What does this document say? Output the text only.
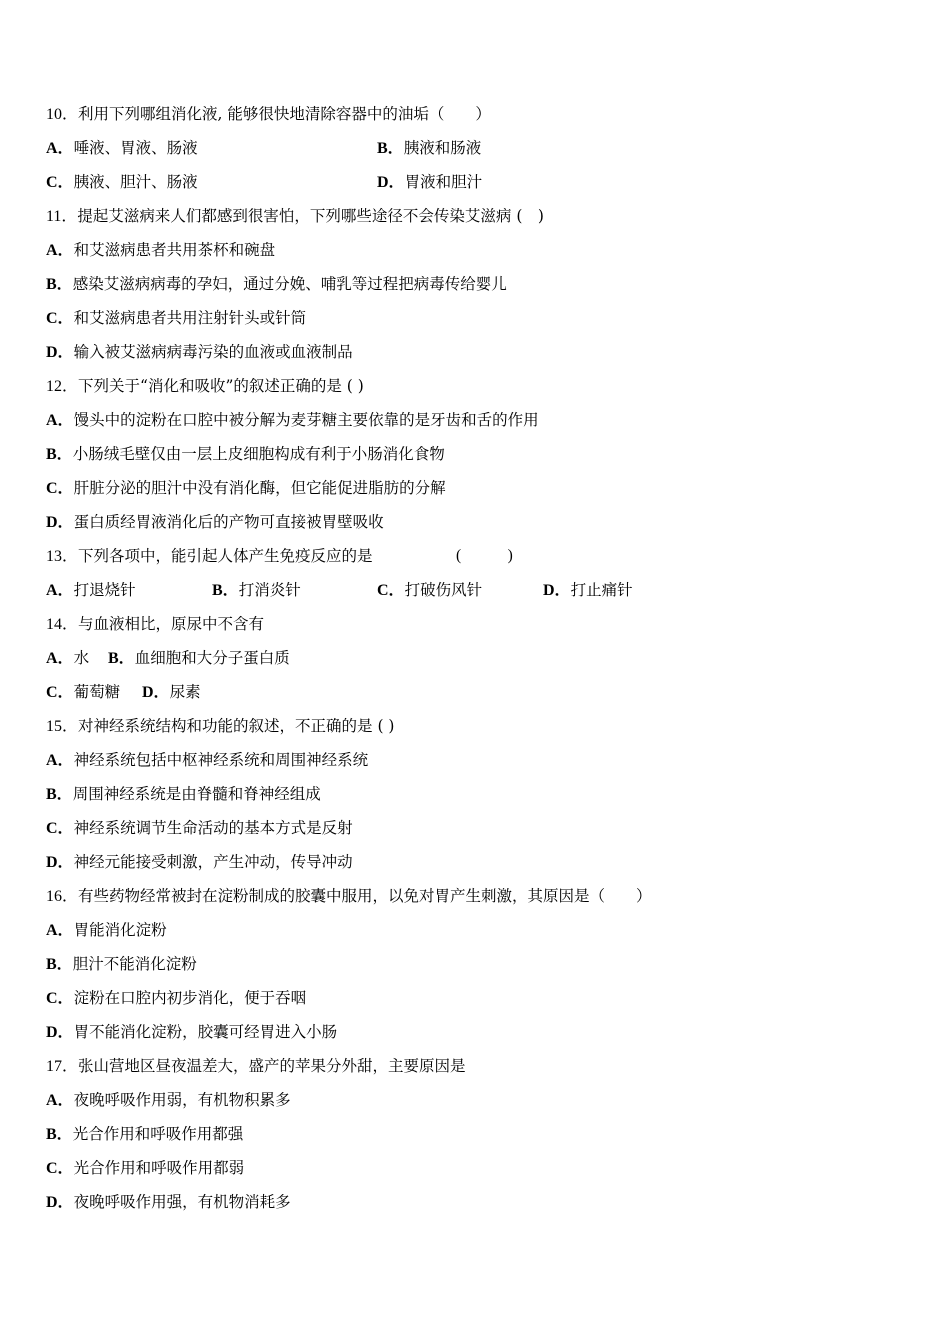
10．利用下列哪组消化液, 能够很快地清除容器中的油垢（　　）
A．唾液、胃液、肠液	B．胰液和肠液
C．胰液、胆汁、肠液	D．胃液和胆汁
11．提起艾滋病来人们都感到很害怕，下列哪些途径不会传染艾滋病 (　)
A．和艾滋病患者共用茶杯和碗盘
B．感染艾滋病病毒的孕妇，通过分娩、哺乳等过程把病毒传给婴儿
C．和艾滋病患者共用注射针头或针筒
D．输入被艾滋病病毒污染的血液或血液制品
12．下列关于“消化和吸收”的叙述正确的是 ( )
A．馒头中的淀粉在口腔中被分解为麦芽糖主要依靠的是牙齿和舌的作用
B．小肠绒毛壁仅由一层上皮细胞构成有利于小肠消化食物
C．肝脏分泌的胆汁中没有消化酶，但它能促进脂肪的分解
D．蛋白质经胃液消化后的产物可直接被胃壁吸收
13．下列各项中，能引起人体产生免疫反应的是	(　　　)
A．打退烧针	B．打消炎针	C．打破伤风针	D．打止痛针
14．与血液相比，原尿中不含有
A．水 B．血细胞和大分子蛋白质
C．葡萄糖 D．尿素
15．对神经系统结构和功能的叙述，不正确的是 ( )
A．神经系统包括中枢神经系统和周围神经系统
B．周围神经系统是由脊髓和脊神经组成
C．神经系统调节生命活动的基本方式是反射
D．神经元能接受刺激，产生冲动，传导冲动
16．有些药物经常被封在淀粉制成的胶囊中服用，以免对胃产生刺激，其原因是（　　）
A．胃能消化淀粉
B．胆汁不能消化淀粉
C．淀粉在口腔内初步消化，便于吞咽
D．胃不能消化淀粉，胶囊可经胃进入小肠
17．张山营地区昼夜温差大，盛产的苹果分外甜，主要原因是
A．夜晚呼吸作用弱，有机物积累多
B．光合作用和呼吸作用都强
C．光合作用和呼吸作用都弱
D．夜晚呼吸作用强，有机物消耗多
